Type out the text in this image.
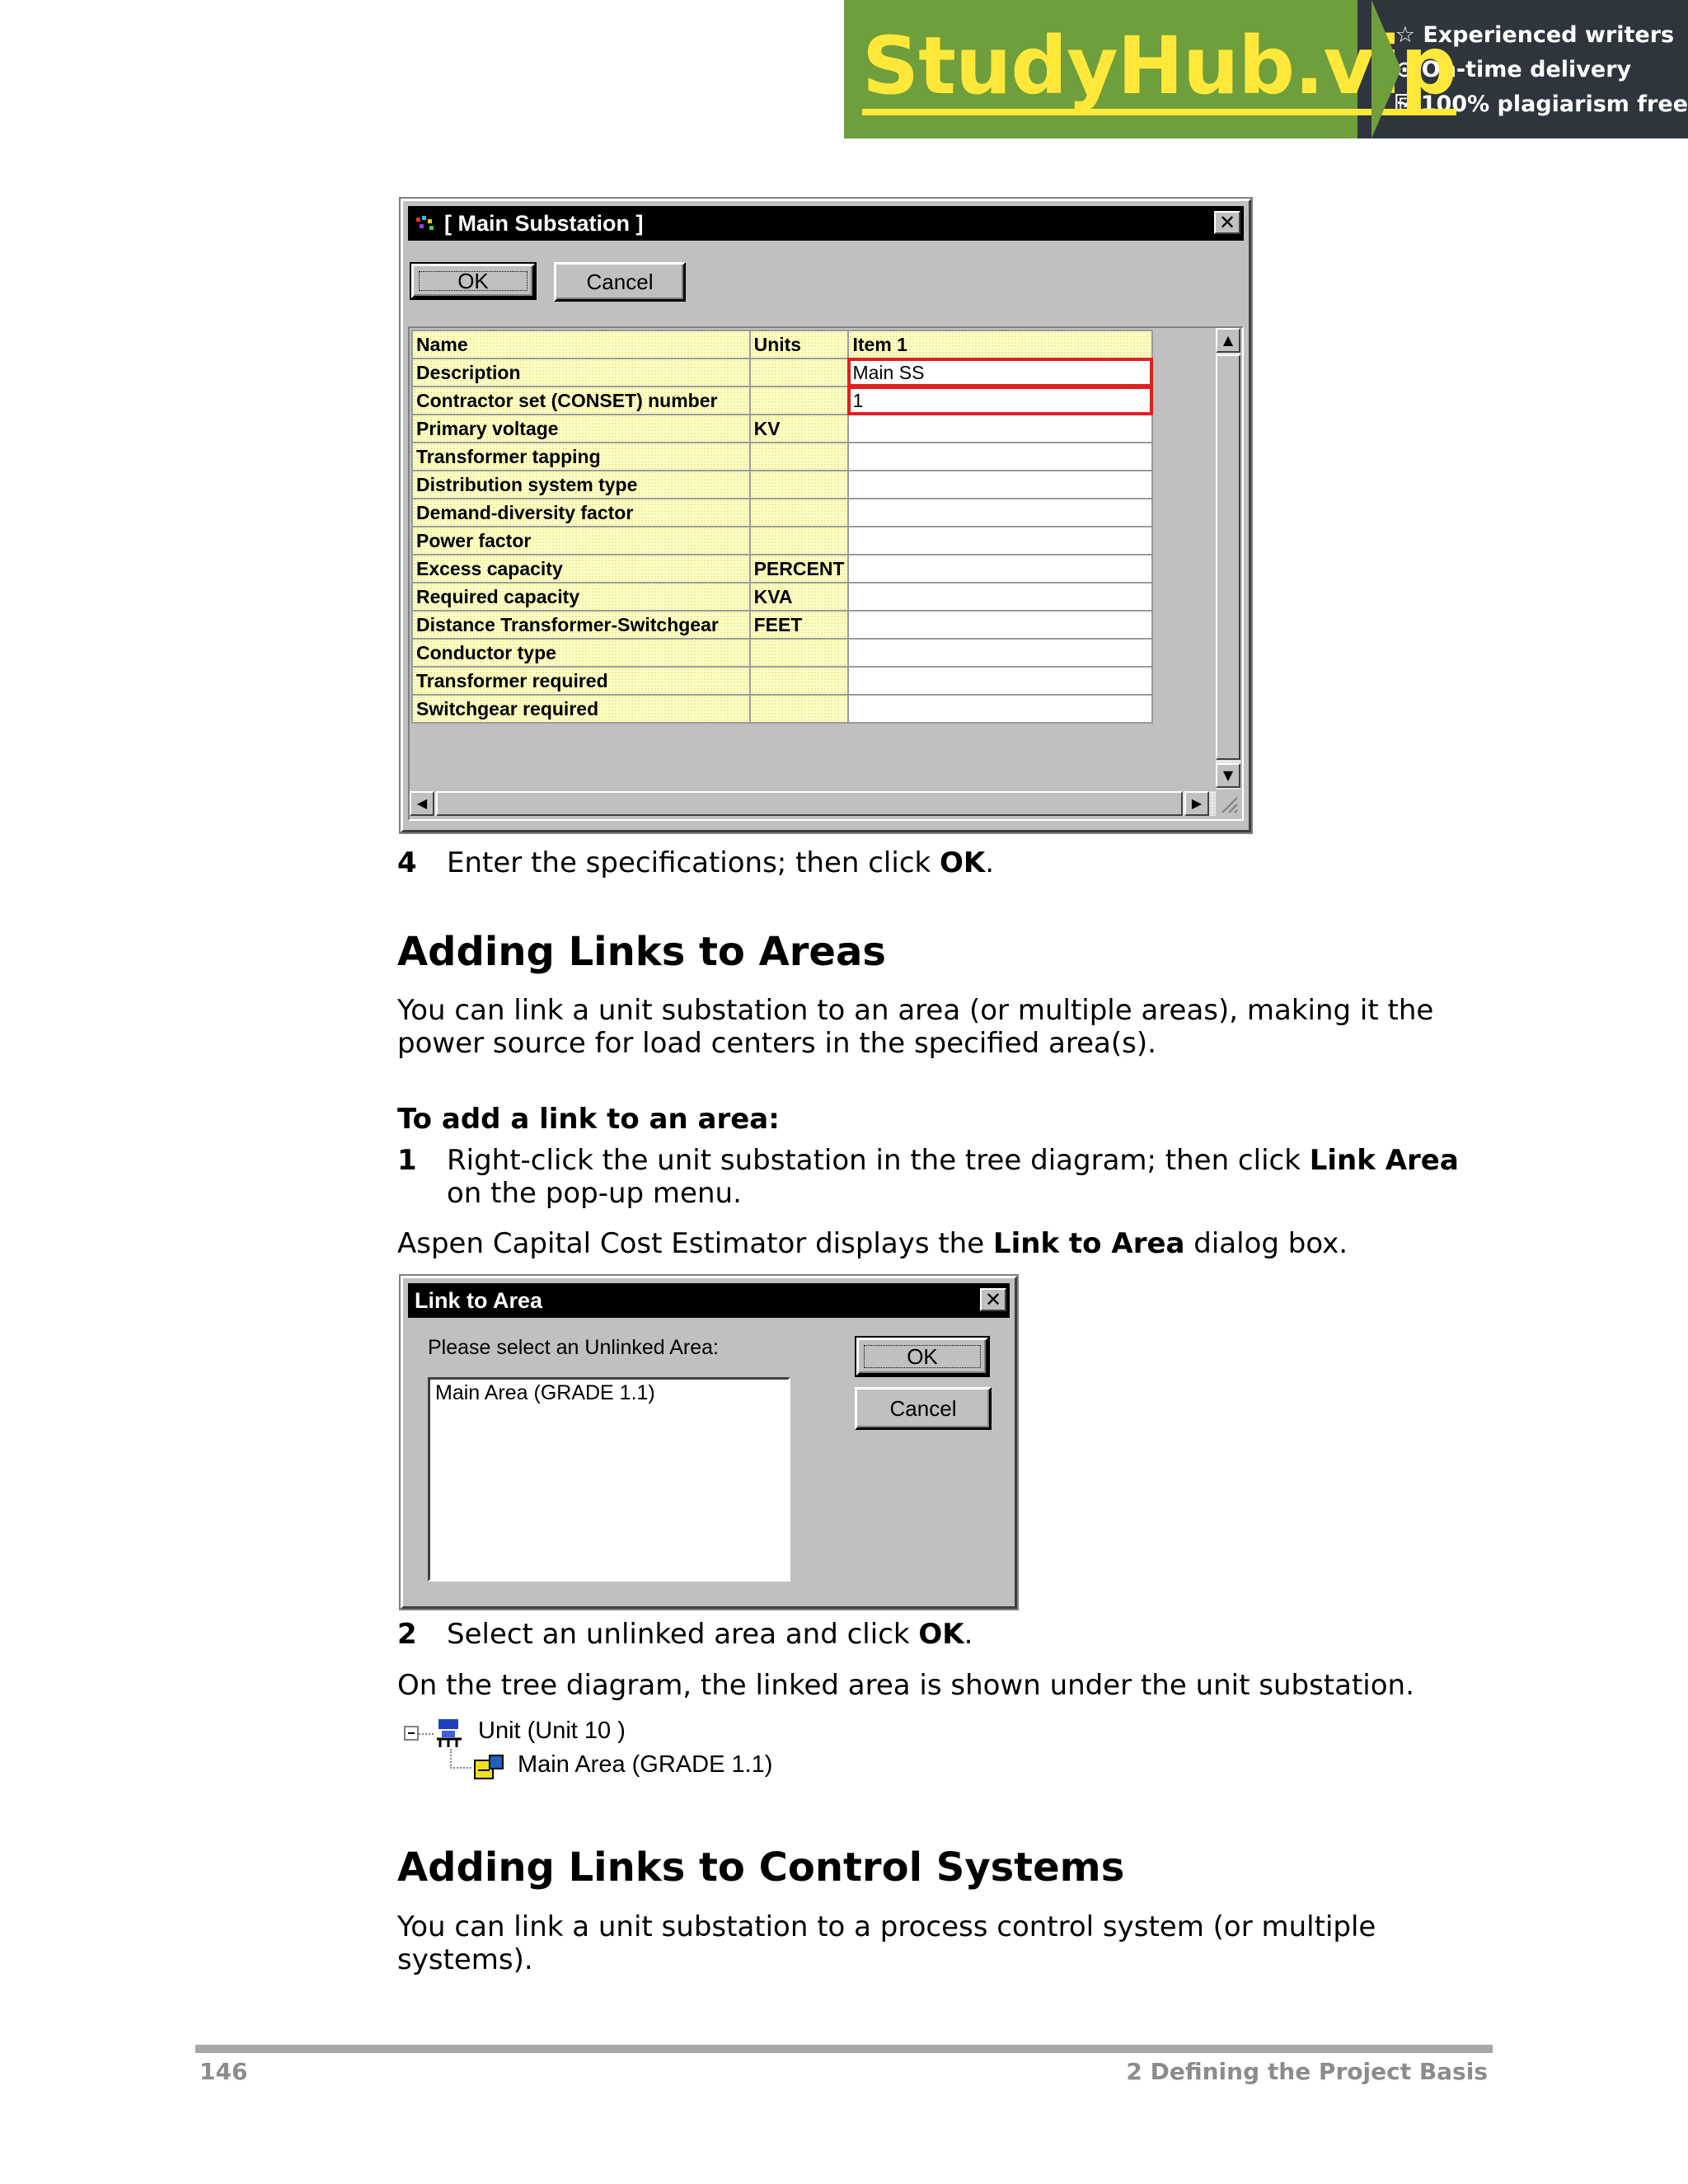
StudyHub.vip
☆ Experienced writers
⊙ On-time delivery
⎘ 100% plagiarism free
[ Main Substation ]	✕
OK	Cancel
Name	Units	Item 1
Description		Main SS
Contractor set (CONSET) number		1
Primary voltage	KV	
Transformer tapping		
Distribution system type		
Demand-diversity factor		
Power factor		
Excess capacity	PERCENT	
Required capacity	KVA	
Distance Transformer-Switchgear	FEET	
Conductor type		
Transformer required		
Switchgear required		
▲
▼
◀	▶
4 Enter the specifications; then click OK.
Adding Links to Areas
You can link a unit substation to an area (or multiple areas), making it the power source for load centers in the specified area(s).
To add a link to an area:
1 Right-click the unit substation in the tree diagram; then click Link Area on the pop-up menu.
Aspen Capital Cost Estimator displays the Link to Area dialog box.
Link to Area	✕
Please select an Unlinked Area:
Main Area (GRADE 1.1)
OK
Cancel
2 Select an unlinked area and click OK.
On the tree diagram, the linked area is shown under the unit substation.
Unit (Unit 10 )
Main Area (GRADE 1.1)
Adding Links to Control Systems
You can link a unit substation to a process control system (or multiple systems).
146	2 Defining the Project Basis
